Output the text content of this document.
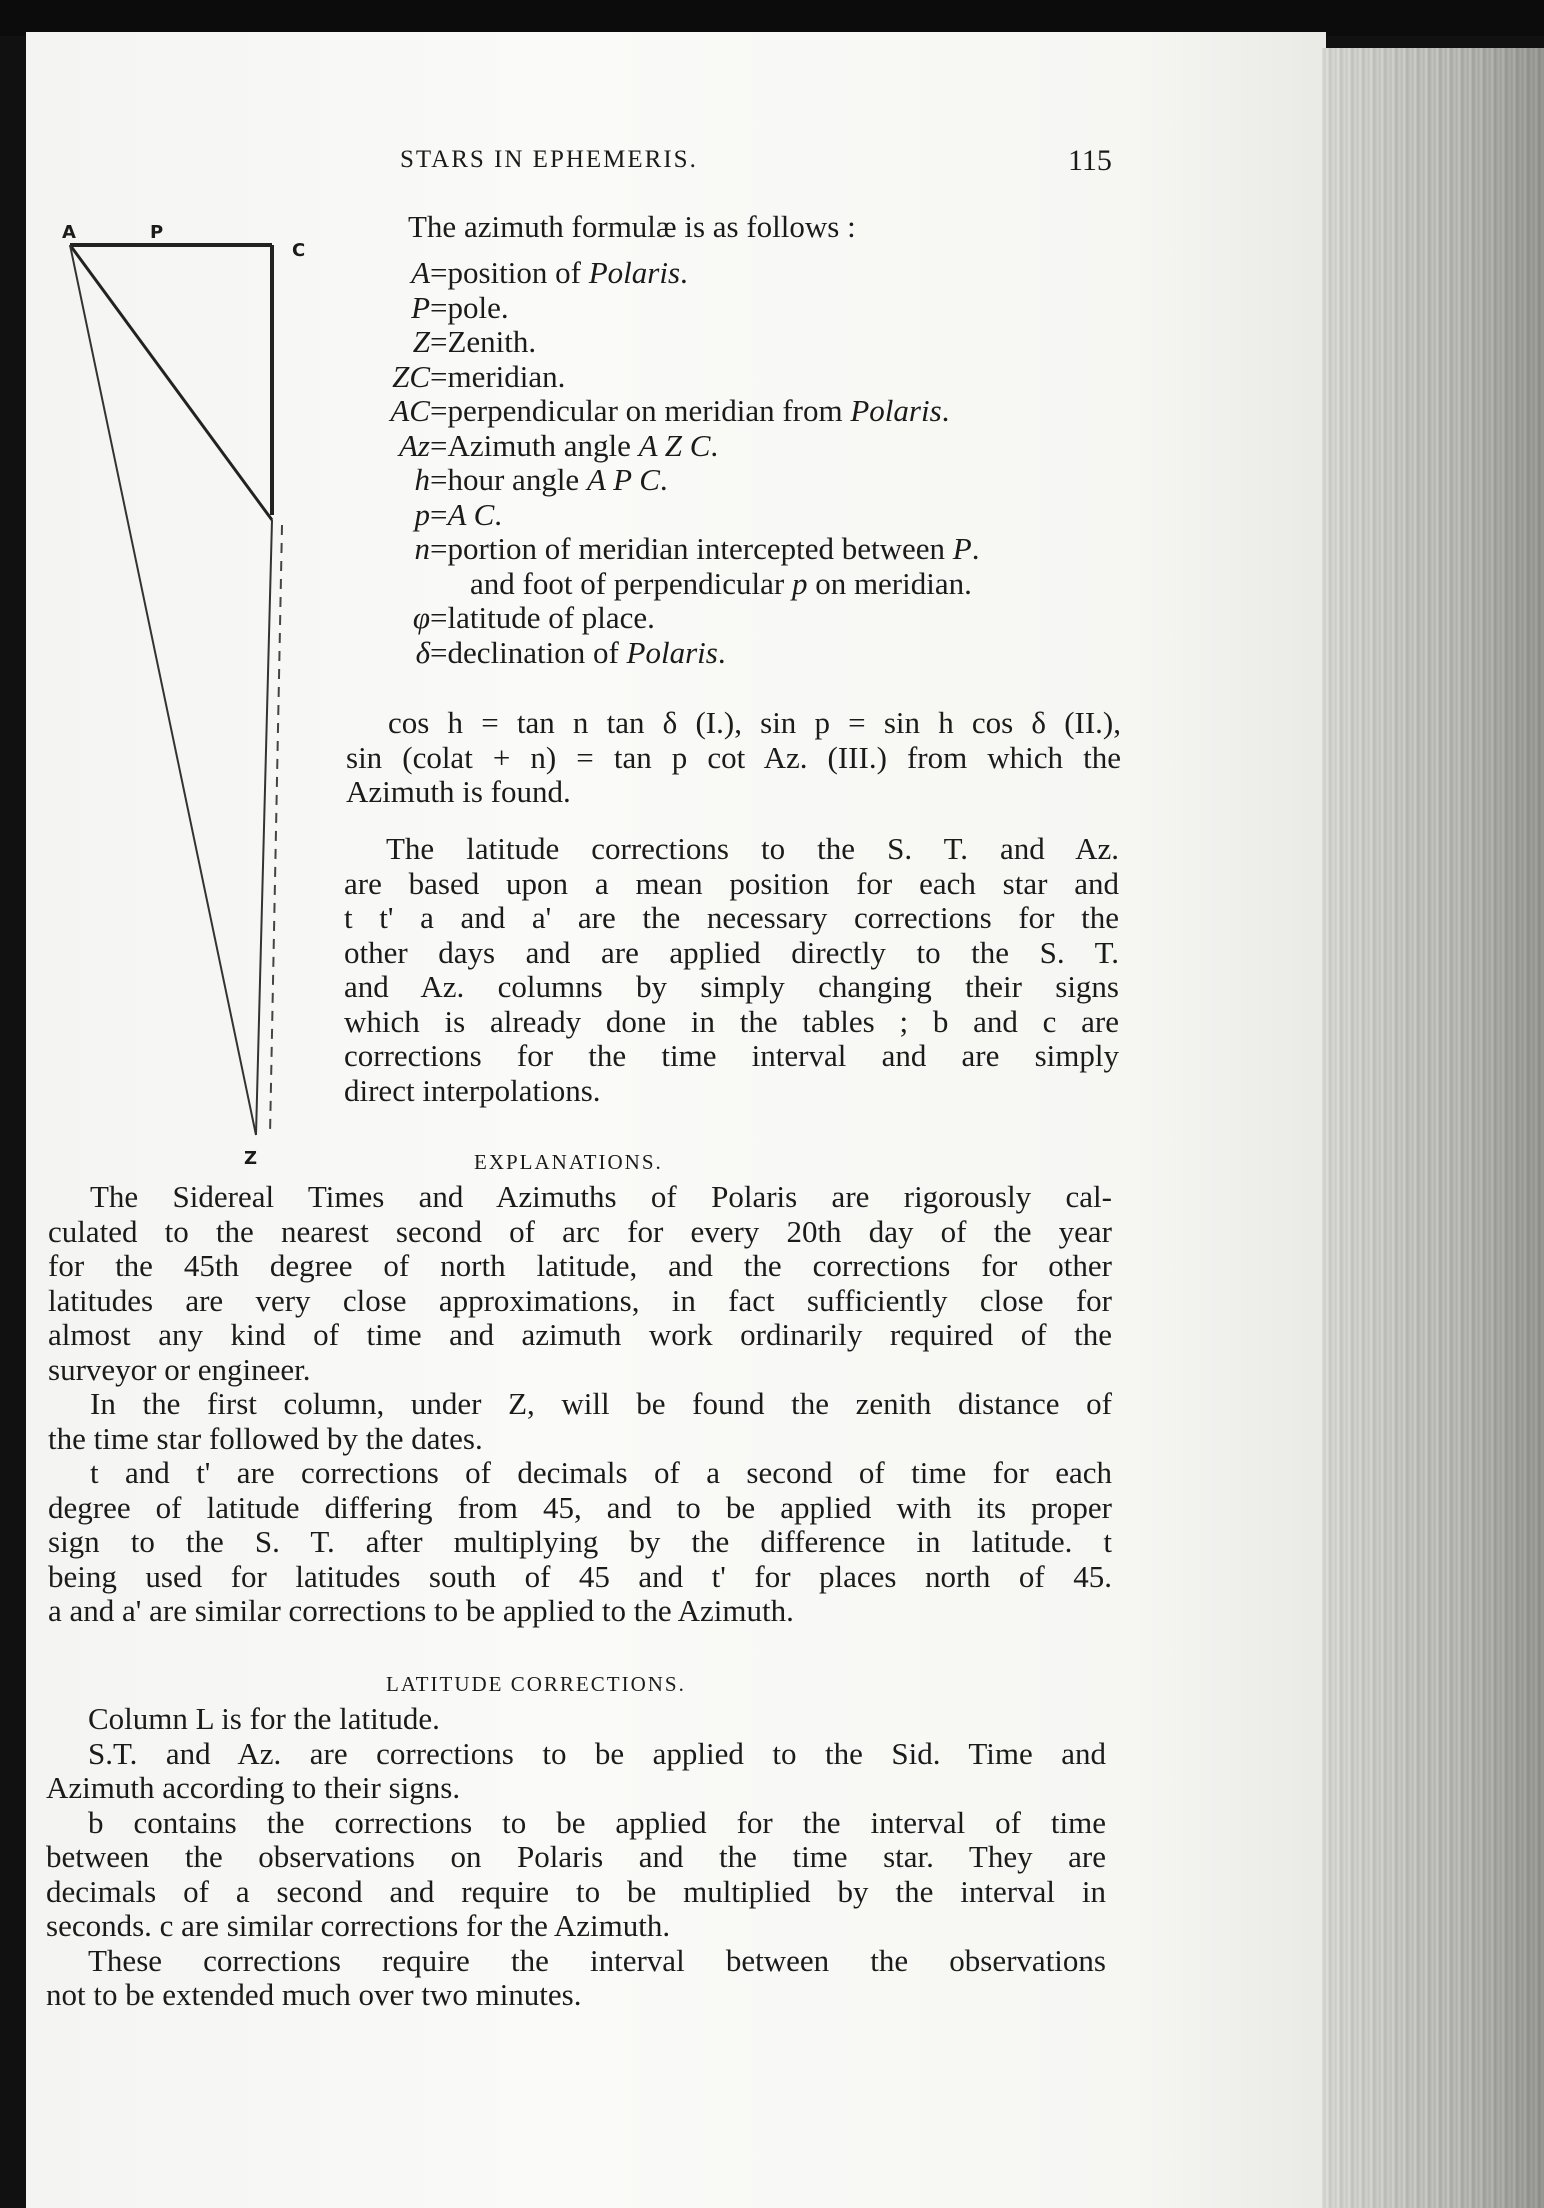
STARS IN EPHEMERIS.	115
A	P
C
Z
The azimuth formulæ is as follows :
A=position of Polaris.
P=pole.
Z=Zenith.
ZC=meridian.
AC=perpendicular on meridian from Polaris.
Az=Azimuth angle A Z C.
h=hour angle A P C.
p=A C.
n=portion of meridian intercepted between P.
and foot of perpendicular p on meridian.
φ=latitude of place.
δ=declination of Polaris.
cos h = tan n tan δ (I.), sin p = sin h cos δ (II.),
sin (colat + n) = tan p cot Az. (III.) from which the
Azimuth is found.
The latitude corrections to the S. T. and Az.
are based upon a mean position for each star and
t t' a and a' are the necessary corrections for the
other days and are applied directly to the S. T.
and Az. columns by simply changing their signs
which is already done in the tables ; b and c are
corrections for the time interval and are simply
direct interpolations.
EXPLANATIONS.
The Sidereal Times and Azimuths of Polaris are rigorously cal-
culated to the nearest second of arc for every 20th day of the year
for the 45th degree of north latitude, and the corrections for other
latitudes are very close approximations, in fact sufficiently close for
almost any kind of time and azimuth work ordinarily required of the
surveyor or engineer.
In the first column, under Z, will be found the zenith distance of
the time star followed by the dates.
t and t' are corrections of decimals of a second of time for each
degree of latitude differing from 45, and to be applied with its proper
sign to the S. T. after multiplying by the difference in latitude. t
being used for latitudes south of 45 and t' for places north of 45.
a and a' are similar corrections to be applied to the Azimuth.
LATITUDE CORRECTIONS.
Column L is for the latitude.
S.T. and Az. are corrections to be applied to the Sid. Time and
Azimuth according to their signs.
b contains the corrections to be applied for the interval of time
between the observations on Polaris and the time star. They are
decimals of a second and require to be multiplied by the interval in
seconds. c are similar corrections for the Azimuth.
These corrections require the interval between the observations
not to be extended much over two minutes.
